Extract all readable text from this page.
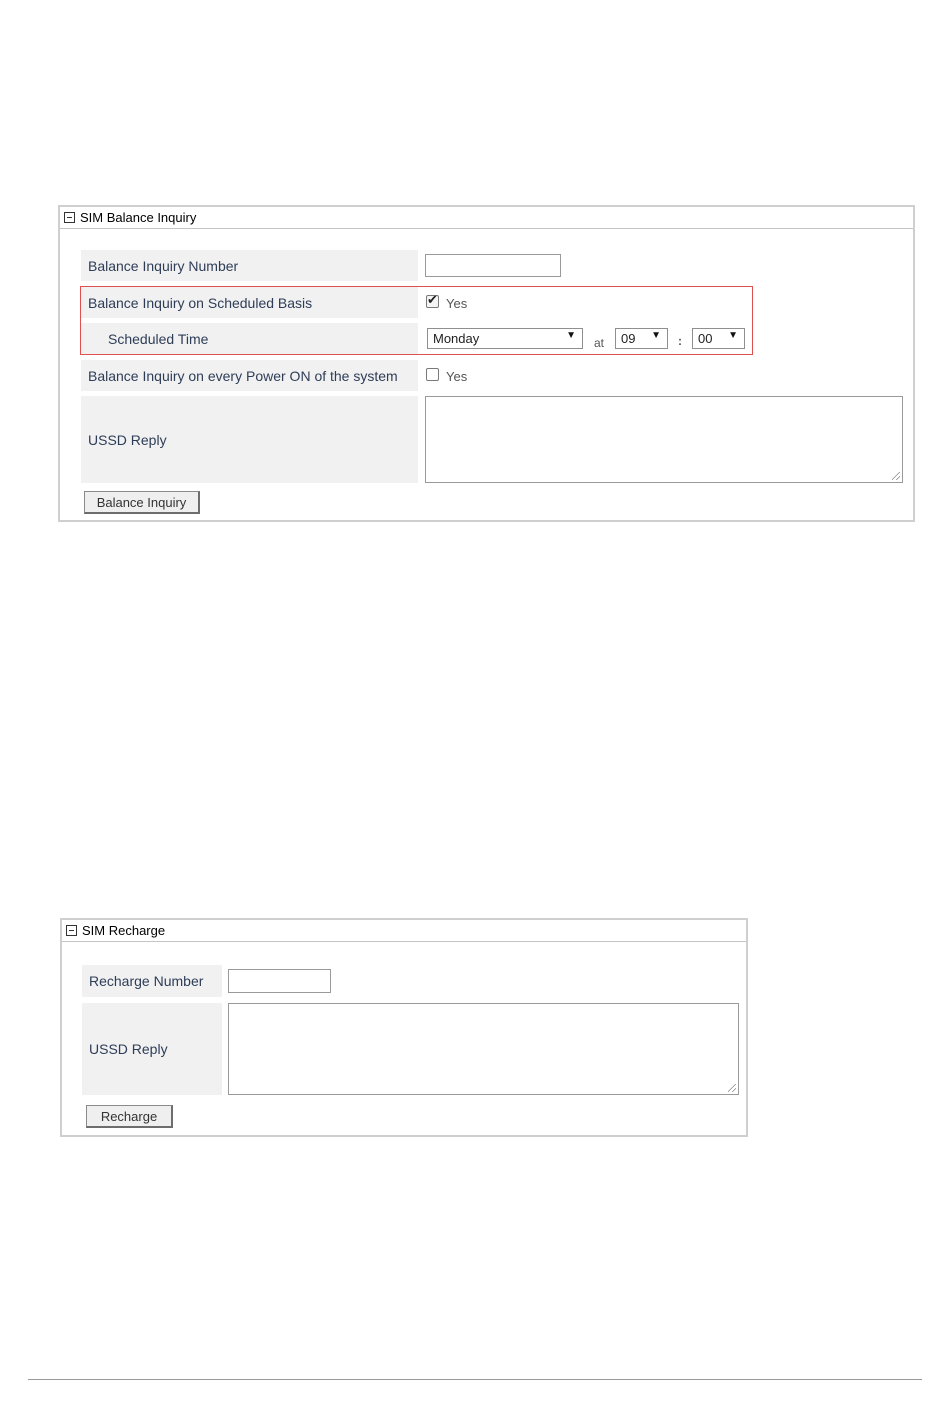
SIM Balance Inquiry
Balance Inquiry Number
Balance Inquiry on Scheduled Basis
✔	Yes
Scheduled Time	Monday	▼
at 09 ▼ : 00 ▼
Balance Inquiry on every Power ON of the system	Yes
USSD Reply
Balance Inquiry
SIM Recharge
Recharge Number
USSD Reply
Recharge
